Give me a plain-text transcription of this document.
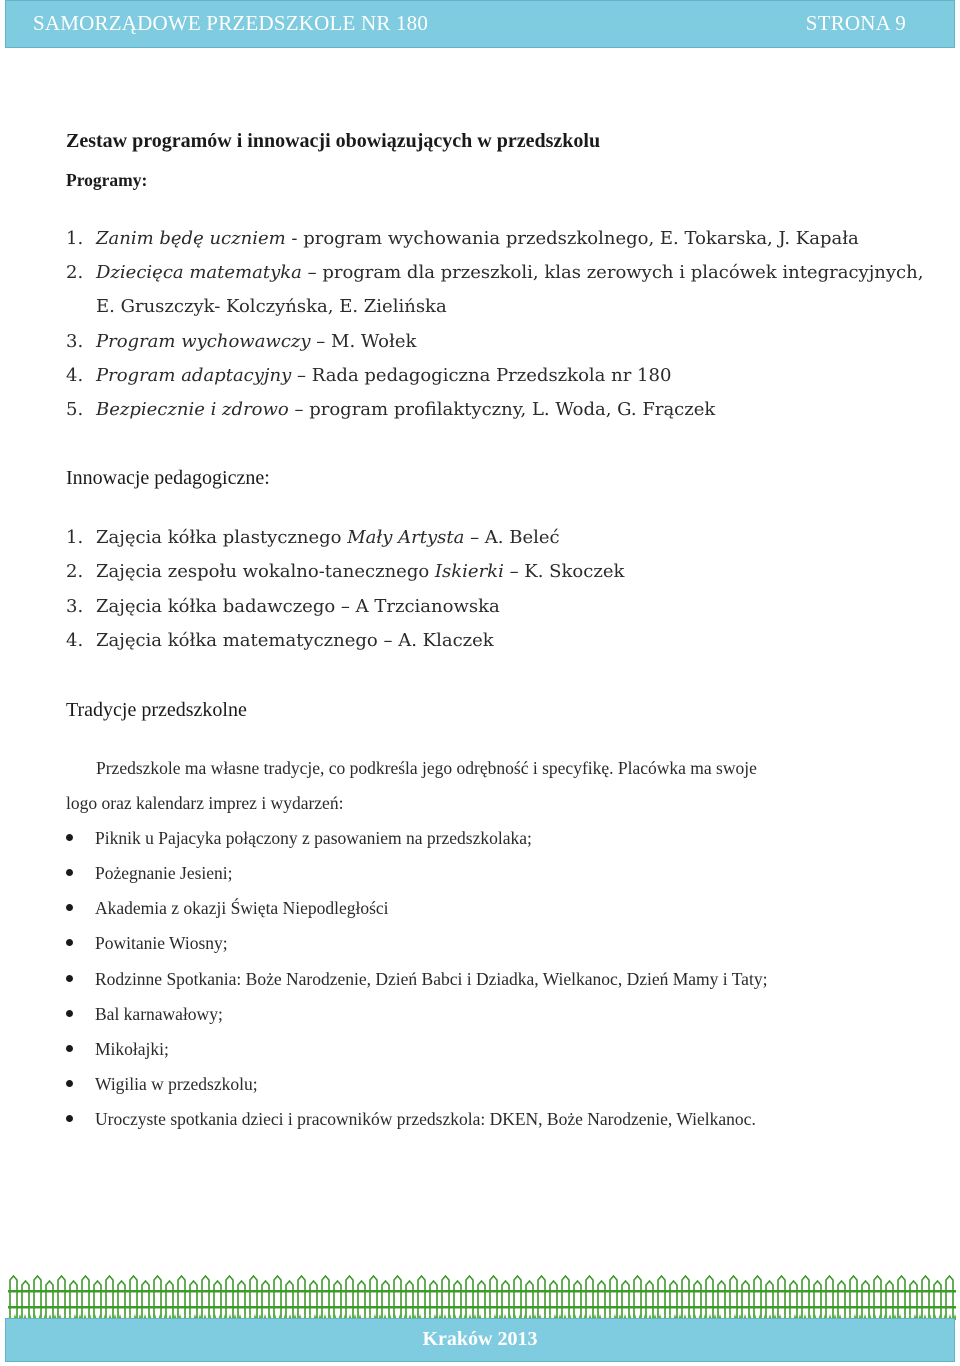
SAMORZĄDOWE PRZEDSZKOLE NR 180	STRONA 9
Zestaw programów i innowacji obowiązujących w przedszkolu
Programy:
1. Zanim będę uczniem - program wychowania przedszkolnego, E. Tokarska, J. Kapała
2. Dziecięca matematyka – program dla przeszkoli, klas zerowych i placówek integracyjnych,
E. Gruszczyk- Kolczyńska, E. Zielińska
3. Program wychowawczy – M. Wołek
4. Program adaptacyjny – Rada pedagogiczna Przedszkola nr 180
5. Bezpiecznie i zdrowo – program profilaktyczny, L. Woda, G. Frączek
Innowacje pedagogiczne:
1. Zajęcia kółka plastycznego Mały Artysta – A. Beleć
2. Zajęcia zespołu wokalno-tanecznego Iskierki – K. Skoczek
3. Zajęcia kółka badawczego – A Trzcianowska
4. Zajęcia kółka matematycznego – A. Klaczek
Tradycje przedszkolne
Przedszkole ma własne tradycje, co podkreśla jego odrębność i specyfikę. Placówka ma swoje
logo oraz kalendarz imprez i wydarzeń:
Piknik u Pajacyka połączony z pasowaniem na przedszkolaka;
Pożegnanie Jesieni;
Akademia z okazji Święta Niepodległości
Powitanie Wiosny;
Rodzinne Spotkania: Boże Narodzenie, Dzień Babci i Dziadka, Wielkanoc, Dzień Mamy i Taty;
Bal karnawałowy;
Mikołajki;
Wigilia w przedszkolu;
Uroczyste spotkania dzieci i pracowników przedszkola: DKEN, Boże Narodzenie, Wielkanoc.
Kraków 2013
